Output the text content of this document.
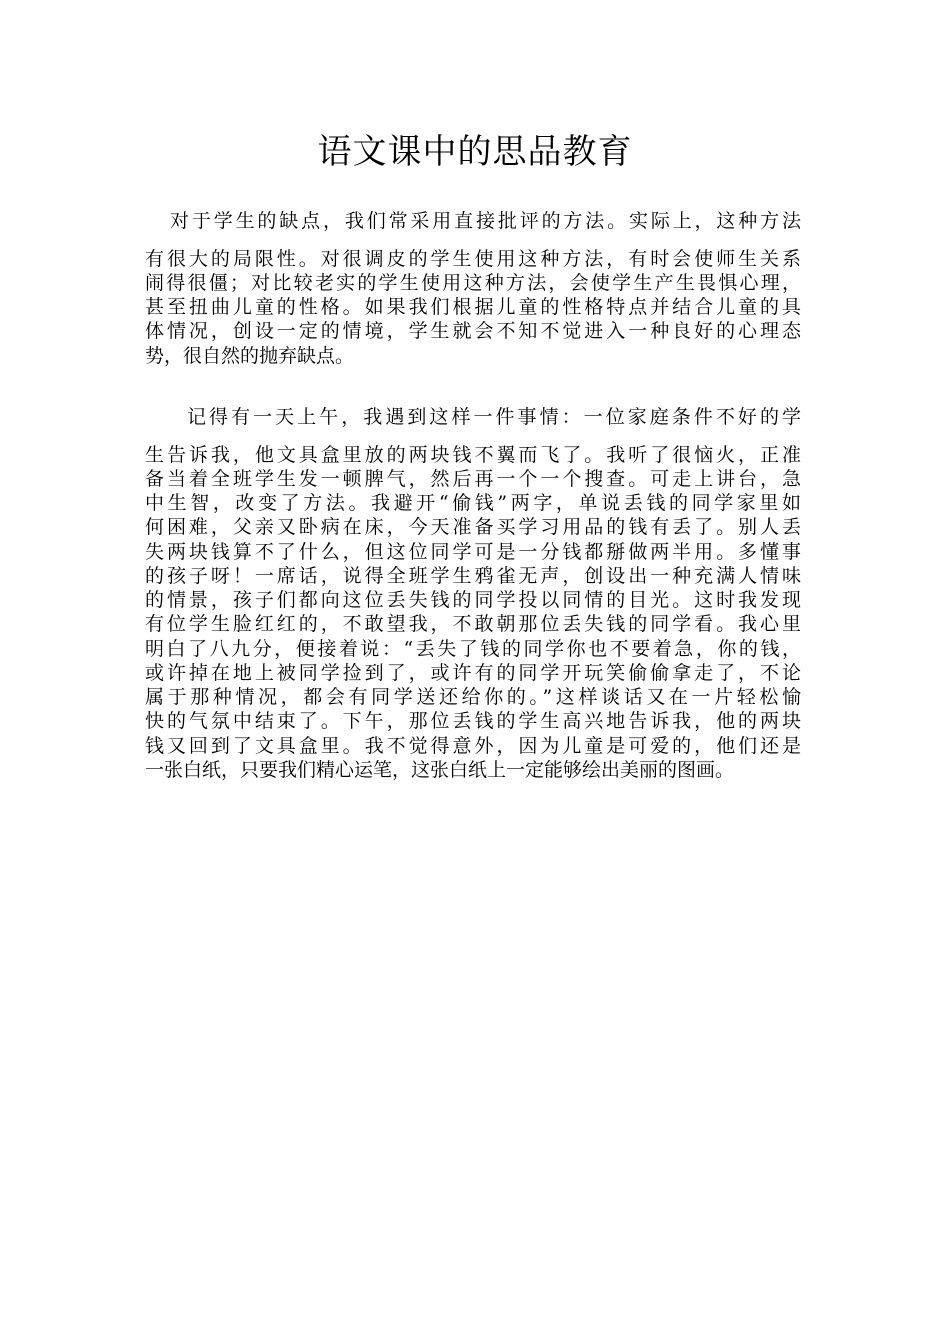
语文课中的思品教育

对于学生的缺点，我们常采用直接批评的方法。实际上，这种方法

有很大的局限性。对很调皮的学生使用这种方法，有时会使师生关系

闹得很僵；对比较老实的学生使用这种方法，会使学生产生畏惧心理，

甚至扭曲儿童的性格。如果我们根据儿童的性格特点并结合儿童的具

体情况，创设一定的情境，学生就会不知不觉进入一种良好的心理态

势，很自然的抛弃缺点。

记得有一天上午，我遇到这样一件事情：一位家庭条件不好的学

生告诉我，他文具盒里放的两块钱不翼而飞了。我听了很恼火，正准

备当着全班学生发一顿脾气，然后再一个一个搜查。可走上讲台，急

中生智，改变了方法。我避开“偷钱”两字，单说丢钱的同学家里如

何困难，父亲又卧病在床，今天准备买学习用品的钱有丢了。别人丢

失两块钱算不了什么，但这位同学可是一分钱都掰做两半用。多懂事

的孩子呀！一席话，说得全班学生鸦雀无声，创设出一种充满人情味

的情景，孩子们都向这位丢失钱的同学投以同情的目光。这时我发现

有位学生脸红红的，不敢望我，不敢朝那位丢失钱的同学看。我心里

明白了八九分，便接着说：“丢失了钱的同学你也不要着急，你的钱，

或许掉在地上被同学捡到了，或许有的同学开玩笑偷偷拿走了，不论

属于那种情况，都会有同学送还给你的。”这样谈话又在一片轻松愉

快的气氛中结束了。下午，那位丢钱的学生高兴地告诉我，他的两块

钱又回到了文具盒里。我不觉得意外，因为儿童是可爱的，他们还是

一张白纸，只要我们精心运笔，这张白纸上一定能够绘出美丽的图画。
